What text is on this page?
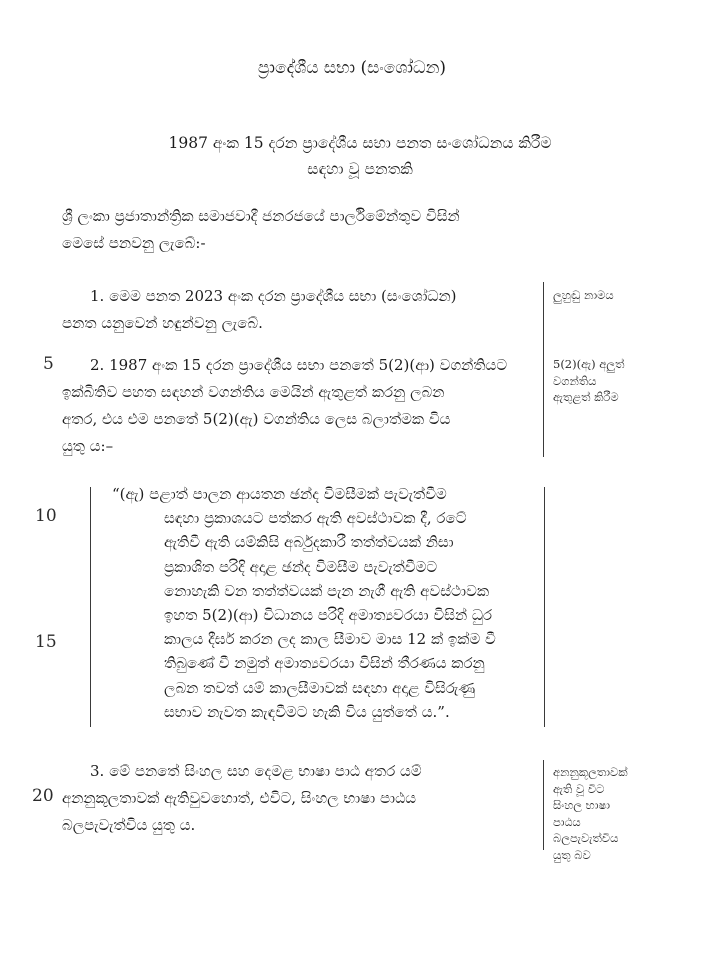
ප්‍රාදේශීය සභා (සංශෝධන)
1987 අංක 15 දරන ප්‍රාදේශීය සභා පනත සංශෝධනය කිරීම
සඳහා වූ පනතකි
ශ්‍රී ලංකා ප්‍රජාතාන්ත්‍රික සමාජවාදී ජනරජයේ පාර්ලිමේන්තුව විසින්
මෙසේ පනවනු ලැබේ:-
1. මෙම පනත 2023 අංක දරන ප්‍රාදේශීය සභා (සංශෝධන)
පනත යනුවෙන් හඳුන්වනු ලැබේ.
ලුහුඬු නාමය
5	2. 1987 අංක 15 දරන ප්‍රාදේශීය සභා පනතේ 5(2)(ආ) වගන්තියට
ඉක්බිතිව පහත සඳහන් වගන්තිය මෙයින් ඇතුළත් කරනු ලබන
අතර, එය එම පනතේ 5(2)(ඇ) වගන්තිය ලෙස බලාත්මක විය
යුතු ය:–
5(2)(ඇ) අලුත්
වගන්තිය
ඇතුළත් කිරීම
10
15
“(ඇ) පළාත් පාලන ආයතන ඡන්ද විමසීමක් පැවැත්වීම
සඳහා ප්‍රකාශයට පත්කර ඇති අවස්ථාවක දී, රටේ
ඇතිවී ඇති යම්කිසි අර්බුදකාරී තත්ත්වයක් නිසා
ප්‍රකාශිත පරිදි අදාළ ඡන්ද විමසීම පැවැත්වීමට
නොහැකි වන තත්ත්වයක් පැන නැගී ඇති අවස්ථාවක
ඉහත 5(2)(ආ) විධානය පරිදි අමාත්‍යවරයා විසින් ධුර
කාලය දීර්ඝ කරන ලද කාල සීමාව මාස 12 ක් ඉක්ම වී
තිබුණේ වී නමුත් අමාත්‍යවරයා විසින් තීරණය කරනු
ලබන තවත් යම් කාලසීමාවක් සඳහා අදාළ විසිරුණු
සභාව නැවත කැඳවීමට හැකි විය යුත්තේ ය.”.
20
3. මේ පනතේ සිංහල සහ දෙමළ භාෂා පාඨ අතර යම්
අනනුකූලතාවක් ඇතිවුවහොත්, එවිට, සිංහල භාෂා පාඨය
බලපැවැත්විය යුතු ය.
අනනුකූලතාවක්
ඇති වූ විට
සිංහල භාෂා
පාඨය
බලපැවැත්විය
යුතු බව
